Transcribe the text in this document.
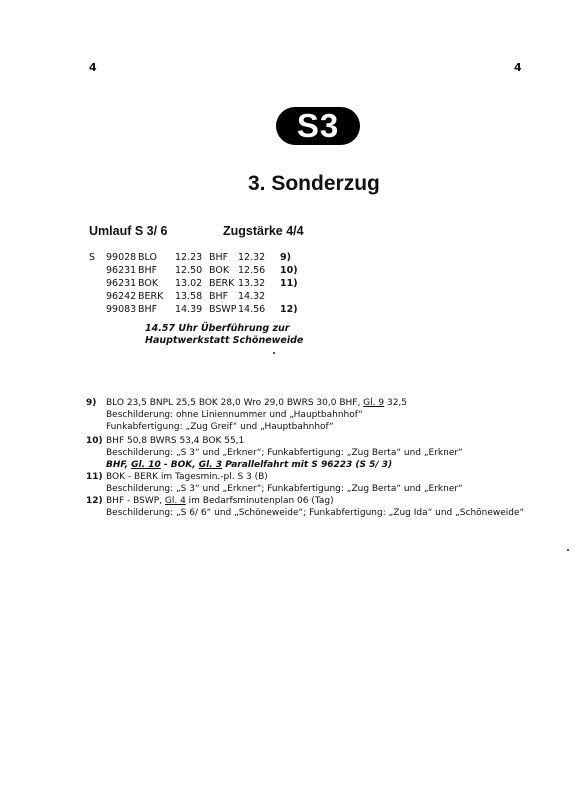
4	4
S3
3. Sonderzug
Umlauf S 3/ 6	Zugstärke 4/4
S	99028	BLO	12.23	BHF	12.32	9)
	96231	BHF	12.50	BOK	12.56	10)
	96231	BOK	13.02	BERK	13.32	11)
	96242	BERK	13.58	BHF	14.32	
	99083	BHF	14.39	BSWP	14.56	12)
14.57 Uhr Überführung zur
Hauptwerkstatt Schöneweide
9)	BLO 23,5 BNPL 25,5 BOK 28,0 Wro 29,0 BWRS 30,0 BHF, Gl. 9 32,5
Beschilderung: ohne Liniennummer und „Hauptbahnhof“
Funkabfertigung: „Zug Greif“ und „Hauptbahnhof“
10) BHF 50,8 BWRS 53,4 BOK 55,1
Beschilderung: „S 3“ und „Erkner“; Funkabfertigung: „Zug Berta“ und „Erkner“
BHF, Gl. 10 - BOK, Gl. 3 Parallelfahrt mit S 96223 (S 5/ 3)
11) BOK - BERK im Tagesmin.-pl. S 3 (B)
Beschilderung: „S 3“ und „Erkner“; Funkabfertigung: „Zug Berta“ und „Erkner“
12) BHF - BSWP, Gl. 4 im Bedarfsminutenplan 06 (Tag)
Beschilderung: „S 6/ 6“ und „Schöneweide“; Funkabfertigung: „Zug Ida“ und „Schöneweide“
